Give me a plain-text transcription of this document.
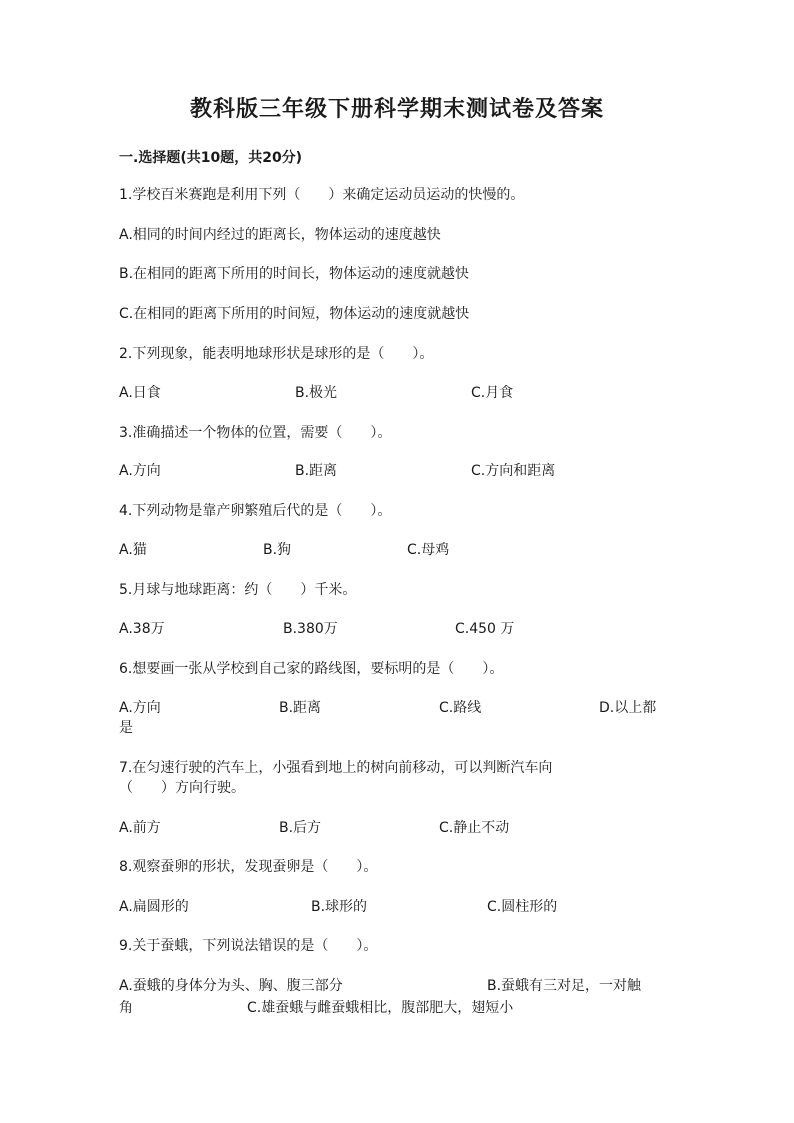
教科版三年级下册科学期末测试卷及答案
一.选择题(共10题，共20分)
1.学校百米赛跑是利用下列（　　）来确定运动员运动的快慢的。
A.相同的时间内经过的距离长，物体运动的速度越快
B.在相同的距离下所用的时间长，物体运动的速度就越快
C.在相同的距离下所用的时间短，物体运动的速度就越快
2.下列现象，能表明地球形状是球形的是（　　）。
A.日食	B.极光	C.月食
3.准确描述一个物体的位置，需要（　　）。
A.方向	B.距离	C.方向和距离
4.下列动物是靠产卵繁殖后代的是（　　）。
A.猫	B.狗	C.母鸡
5.月球与地球距离：约（　　）千米。
A.38万	B.380万	C.450 万
6.想要画一张从学校到自己家的路线图，要标明的是（　　）。
A.方向	B.距离	C.路线	D.以上都
是
7.在匀速行驶的汽车上，小强看到地上的树向前移动，可以判断汽车向
（　　）方向行驶。
A.前方	B.后方	C.静止不动
8.观察蚕卵的形状，发现蚕卵是（　　）。
A.扁圆形的	B.球形的	C.圆柱形的
9.关于蚕蛾，下列说法错误的是（　　）。
A.蚕蛾的身体分为头、胸、腹三部分	B.蚕蛾有三对足，一对触
角	C.雄蚕蛾与雌蚕蛾相比，腹部肥大，翅短小
